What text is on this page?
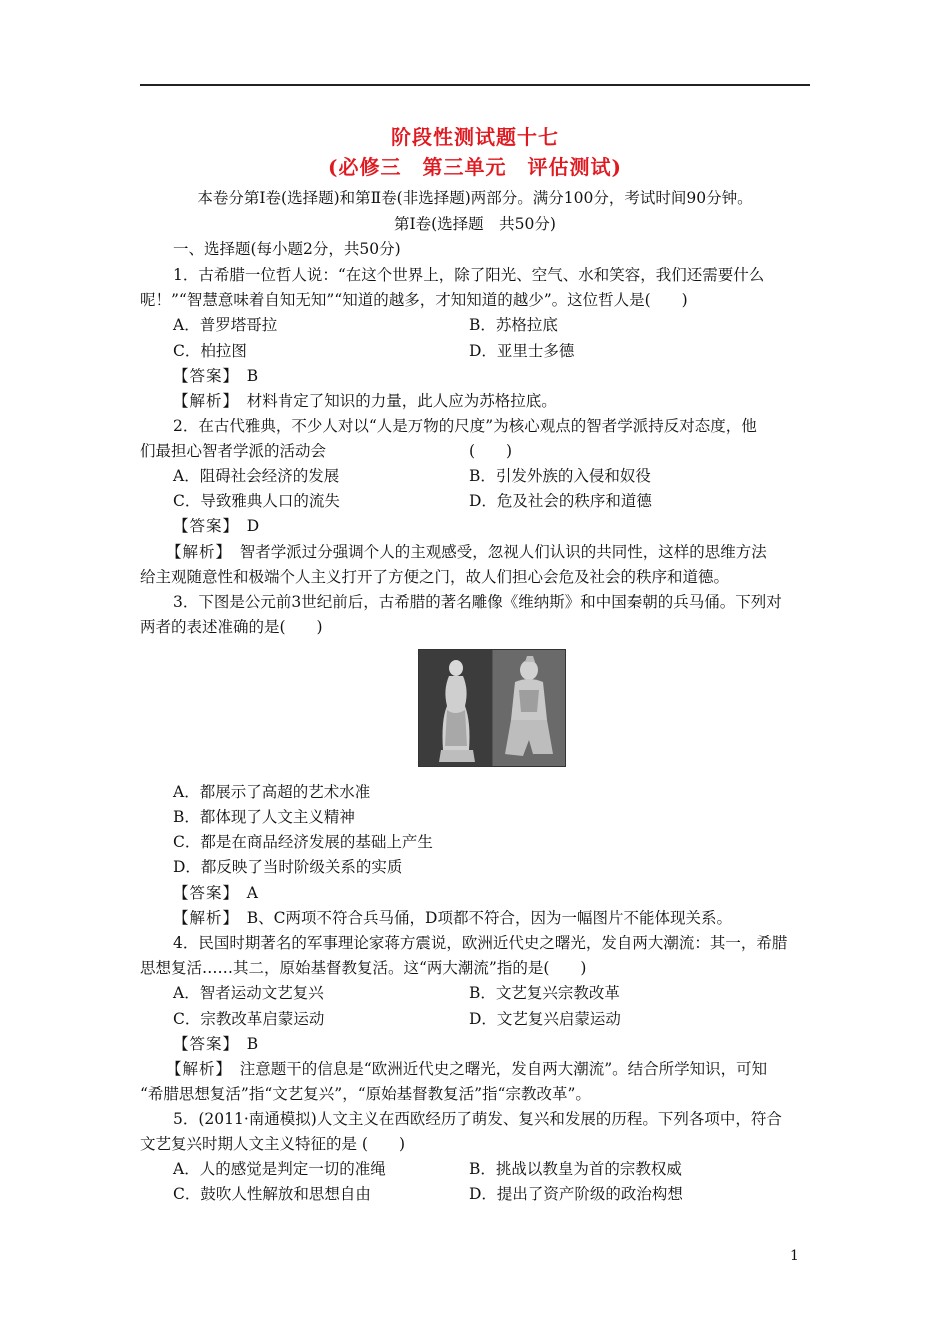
阶段性测试题十七
(必修三　第三单元　评估测试)
本卷分第Ⅰ卷(选择题)和第Ⅱ卷(非选择题)两部分。满分100分，考试时间90分钟。
第Ⅰ卷(选择题　共50分)
一、选择题(每小题2分，共50分)
1．古希腊一位哲人说：“在这个世界上，除了阳光、空气、水和笑容，我们还需要什么
呢！”“智慧意味着自知无知”“知道的越多，才知知道的越少”。这位哲人是(　　)
A．普罗塔哥拉	B．苏格拉底
C．柏拉图	D．亚里士多德
【答案】　 B
【解析】　 材料肯定了知识的力量，此人应为苏格拉底。
2．在古代雅典，不少人对以“人是万物的尺度”为核心观点的智者学派持反对态度，他
们最担心智者学派的活动会	(　　)
A．阻碍社会经济的发展	B．引发外族的入侵和奴役
C．导致雅典人口的流失	D．危及社会的秩序和道德
【答案】　 D
【解析】　 智者学派过分强调个人的主观感受，忽视人们认识的共同性，这样的思维方法
给主观随意性和极端个人主义打开了方便之门，故人们担心会危及社会的秩序和道德。
3．下图是公元前3世纪前后，古希腊的著名雕像《维纳斯》和中国秦朝的兵马俑。下列对
两者的表述准确的是(　　)
A．都展示了高超的艺术水准
B．都体现了人文主义精神
C．都是在商品经济发展的基础上产生
D．都反映了当时阶级关系的实质
【答案】　 A
【解析】　 B、C两项不符合兵马俑，D项都不符合，因为一幅图片不能体现关系。
4．民国时期著名的军事理论家蒋方震说，欧洲近代史之曙光，发自两大潮流：其一，希腊
思想复活……其二，原始基督教复活。这“两大潮流”指的是(　　)
A．智者运动文艺复兴	B．文艺复兴宗教改革
C．宗教改革启蒙运动	D．文艺复兴启蒙运动
【答案】　 B
【解析】　 注意题干的信息是“欧洲近代史之曙光，发自两大潮流”。结合所学知识，可知
“希腊思想复活”指“文艺复兴”，“原始基督教复活”指“宗教改革”。
5．(2011·南通模拟)人文主义在西欧经历了萌发、复兴和发展的历程。下列各项中，符合
文艺复兴时期人文主义特征的是 (　　)
A．人的感觉是判定一切的准绳	B．挑战以教皇为首的宗教权威
C．鼓吹人性解放和思想自由	D．提出了资产阶级的政治构想
1
